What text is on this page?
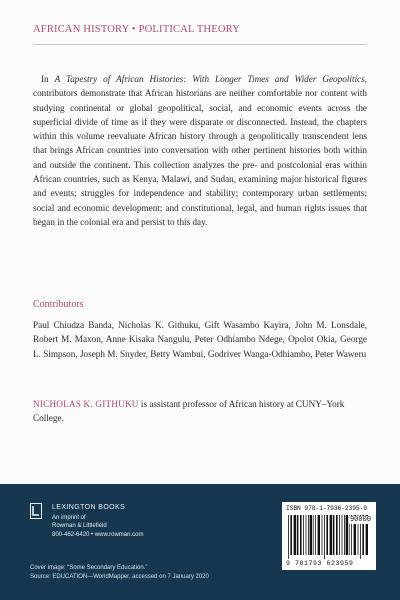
AFRICAN HISTORY • POLITICAL THEORY

In A Tapestry of African Histories: With Longer Times and Wider Geopolitics, contributors demonstrate that African historians are neither comfortable nor content with studying continental or global geopolitical, social, and economic events across the superficial divide of time as if they were disparate or disconnected. Instead, the chapters within this volume reevaluate African history through a geopolitically transcendent lens that brings African countries into conversation with other pertinent histories both within and outside the continent. This collection analyzes the pre- and postcolonial eras within African countries, such as Kenya, Malawi, and Sudan, examining major historical figures and events; struggles for independence and stability; contemporary urban settlements; social and economic development; and constitutional, legal, and human rights issues that began in the colonial era and persist to this day.

Contributors

Paul Chiudza Banda, Nicholas K. Githuku, Gift Wasambo Kayira, John M. Lonsdale, Robert M. Maxon, Anne Kisaka Nangulu, Peter Odhiambo Ndege, Opolot Okia, George L. Simpson, Joseph M. Snyder, Betty Wambui, Godriver Wanga-Odhiambo, Peter Waweru

NICHOLAS K. GITHUKU is assistant professor of African history at CUNY–York College.

LEXINGTON BOOKS
An imprint of
Rowman & Littlefield
800-462-6420 • www.rowman.com
Cover image: “Some Secondary Education.”
Source: EDUCATION—WorldMapper, accessed on 7 January 2020
ISBN 978-1-7936-2395-9
90000
9 781793 623959
